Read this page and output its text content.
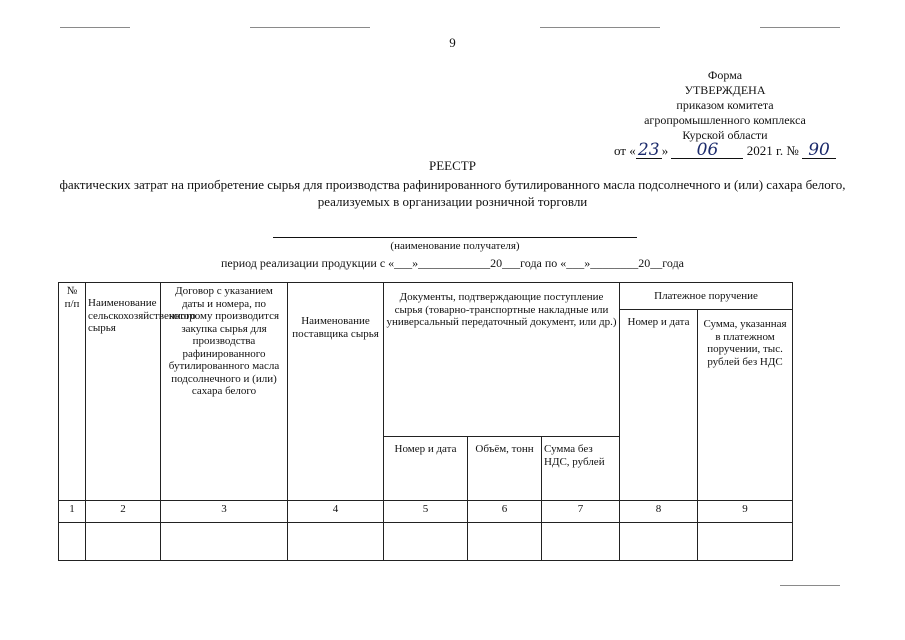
9
Форма
УТВЕРЖДЕНА
приказом комитета
агропромышленного комплекса
Курской области
от « 23 » 06 2021 г. № 90
РЕЕСТР
фактических затрат на приобретение сырья для производства рафинированного бутилированного масла подсолнечного и (или) сахара белого, реализуемых в организации розничной торговли
(наименование получателя)
период реализации продукции с «___»____________20___года по «___»________20__года
№ п/п	Наименование сельскохозяйственного сырья	Договор с указанием даты и номера, по которому производится закупка сырья для производства рафинированного бутилированного масла подсолнечного и (или) сахара белого	Наименование поставщика сырья	Документы, подтверждающие поступление сырья (товарно-транспортные накладные или универсальный передаточный документ, или др.)			Платежное поручение	
							Номер и дата	Сумма, указанная в платежном поручении, тыс. рублей без НДС
				Номер и дата	Объём, тонн	Сумма без НДС, рублей		
1	2	3	4	5	6	7	8	9
